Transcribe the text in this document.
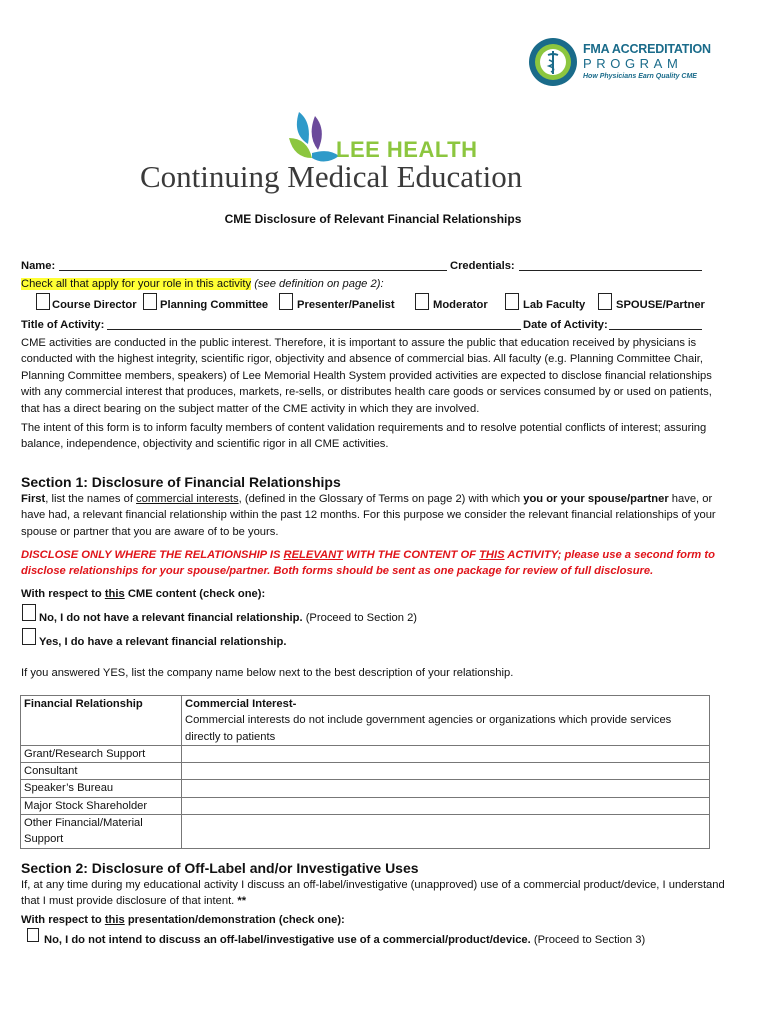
FMA ACCREDITATION
PROGRAM
How Physicians Earn Quality CME
LEE HEALTH
Continuing Medical Education
CME Disclosure of Relevant Financial Relationships
Name:	Credentials:
Check all that apply for your role in this activity (see definition on page 2):
Course Director Planning Committee	Presenter/Panelist	Moderator	Lab Faculty	SPOUSE/Partner
Title of Activity:	Date of Activity:
CME activities are conducted in the public interest. Therefore, it is important to assure the public that education received by physicians is conducted with the highest integrity, scientific rigor, objectivity and absence of commercial bias. All faculty (e.g. Planning Committee Chair, Planning Committee members, speakers) of Lee Memorial Health System provided activities are expected to disclose financial relationships with any commercial interest that produces, markets, re-sells, or distributes health care goods or services consumed by or used on patients, that has a direct bearing on the subject matter of the CME activity in which they are involved.
The intent of this form is to inform faculty members of content validation requirements and to resolve potential conflicts of interest; assuring balance, independence, objectivity and scientific rigor in all CME activities.
Section 1: Disclosure of Financial Relationships
First, list the names of commercial interests, (defined in the Glossary of Terms on page 2) with which you or your spouse/partner have, or have had, a relevant financial relationship within the past 12 months. For this purpose we consider the relevant financial relationships of your spouse or partner that you are aware of to be yours.
DISCLOSE ONLY WHERE THE RELATIONSHIP IS RELEVANT WITH THE CONTENT OF THIS ACTIVITY; please use a second form to disclose relationships for your spouse/partner. Both forms should be sent as one package for review of full disclosure.
With respect to this CME content (check one):
No, I do not have a relevant financial relationship. (Proceed to Section 2)
Yes, I do have a relevant financial relationship.
If you answered YES, list the company name below next to the best description of your relationship.
Financial Relationship	Commercial Interest-
Commercial interests do not include government agencies or organizations which provide services directly to patients

Grant/Research Support	
Consultant	
Speaker’s Bureau	
Major Stock Shareholder	
Other Financial/Material Support	
Section 2: Disclosure of Off-Label and/or Investigative Uses
If, at any time during my educational activity I discuss an off-label/investigative (unapproved) use of a commercial product/device, I understand that I must provide disclosure of that intent. **
With respect to this presentation/demonstration (check one):
No, I do not intend to discuss an off-label/investigative use of a commercial/product/device. (Proceed to Section 3)
